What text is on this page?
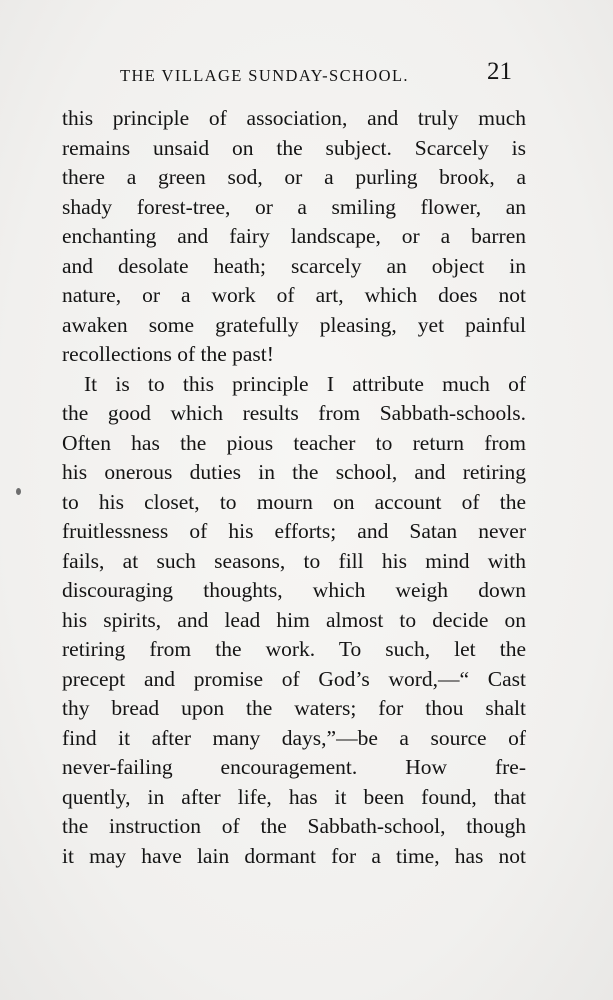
THE VILLAGE SUNDAY-SCHOOL.	21
this principle of association, and truly much
remains unsaid on the subject. Scarcely is
there a green sod, or a purling brook, a
shady forest-tree, or a smiling flower, an
enchanting and fairy landscape, or a barren
and desolate heath; scarcely an object in
nature, or a work of art, which does not
awaken some gratefully pleasing, yet painful
recollections of the past!
It is to this principle I attribute much of
the good which results from Sabbath-schools.
Often has the pious teacher to return from
his onerous duties in the school, and retiring
to his closet, to mourn on account of the
fruitlessness of his efforts; and Satan never
fails, at such seasons, to fill his mind with
discouraging thoughts, which weigh down
his spirits, and lead him almost to decide on
retiring from the work. To such, let the
precept and promise of God’s word,—“ Cast
thy bread upon the waters; for thou shalt
find it after many days,”—be a source of
never-failing encouragement. How fre-
quently, in after life, has it been found, that
the instruction of the Sabbath-school, though
it may have lain dormant for a time, has not
